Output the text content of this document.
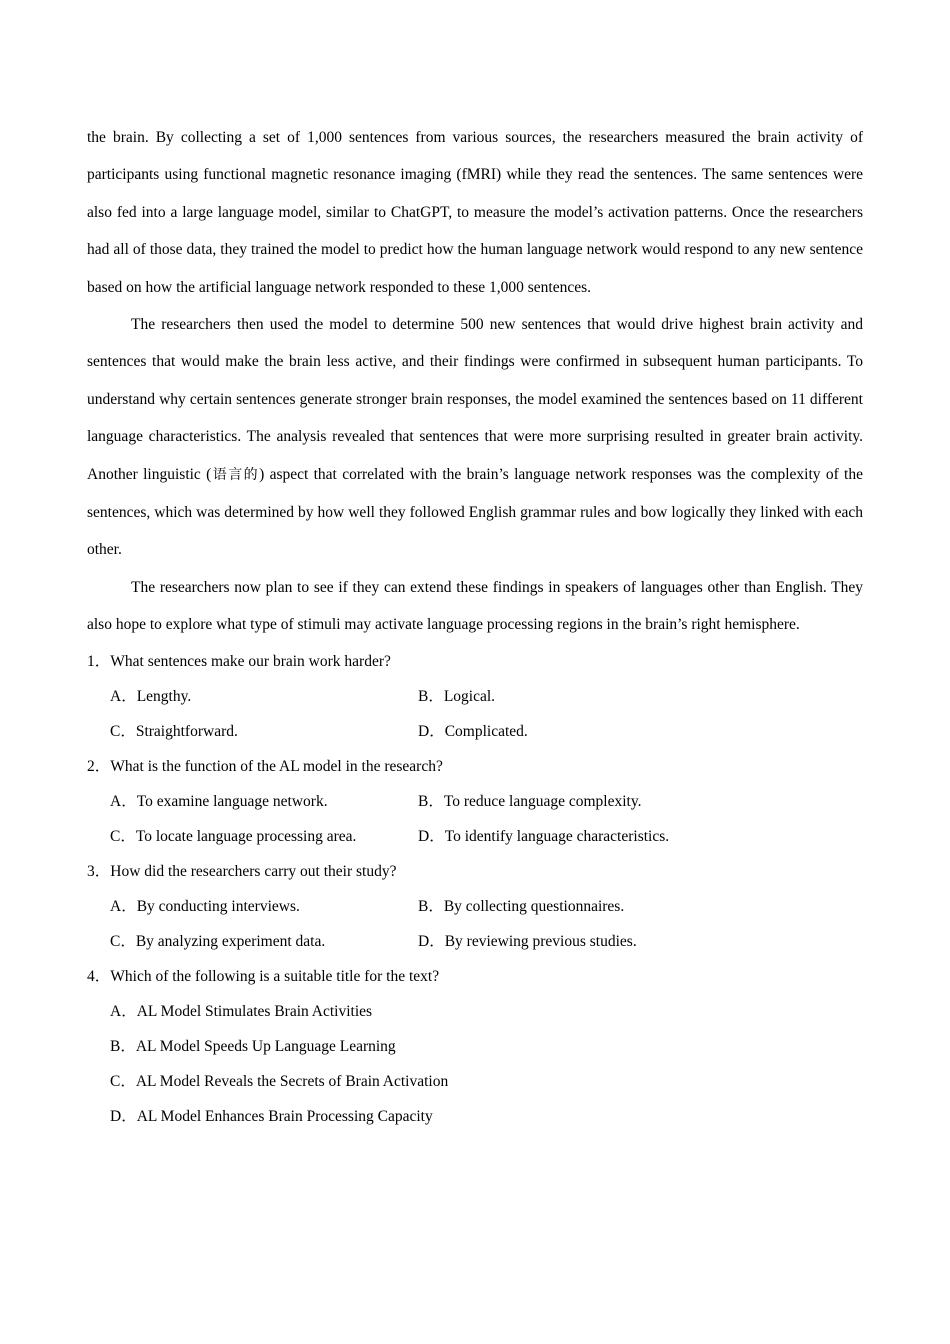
the brain. By collecting a set of 1,000 sentences from various sources, the researchers measured the brain activity of participants using functional magnetic resonance imaging (fMRI) while they read the sentences. The same sentences were also fed into a large language model, similar to ChatGPT, to measure the model’s activation patterns. Once the researchers had all of those data, they trained the model to predict how the human language network would respond to any new sentence based on how the artificial language network responded to these 1,000 sentences.

The researchers then used the model to determine 500 new sentences that would drive highest brain activity and sentences that would make the brain less active, and their findings were confirmed in subsequent human participants. To understand why certain sentences generate stronger brain responses, the model examined the sentences based on 11 different language characteristics. The analysis revealed that sentences that were more surprising resulted in greater brain activity. Another linguistic (语言的) aspect that correlated with the brain’s language network responses was the complexity of the sentences, which was determined by how well they followed English grammar rules and bow logically they linked with each other.

The researchers now plan to see if they can extend these findings in speakers of languages other than English. They also hope to explore what type of stimuli may activate language processing regions in the brain’s right hemisphere.

1．What sentences make our brain work harder?
A．Lengthy.	B．Logical.
C．Straightforward.	D．Complicated.
2．What is the function of the AL model in the research?
A．To examine language network.	B．To reduce language complexity.
C．To locate language processing area.	D．To identify language characteristics.
3．How did the researchers carry out their study?
A．By conducting interviews.	B．By collecting questionnaires.
C．By analyzing experiment data.	D．By reviewing previous studies.
4．Which of the following is a suitable title for the text?
A．AL Model Stimulates Brain Activities
B．AL Model Speeds Up Language Learning
C．AL Model Reveals the Secrets of Brain Activation
D．AL Model Enhances Brain Processing Capacity
